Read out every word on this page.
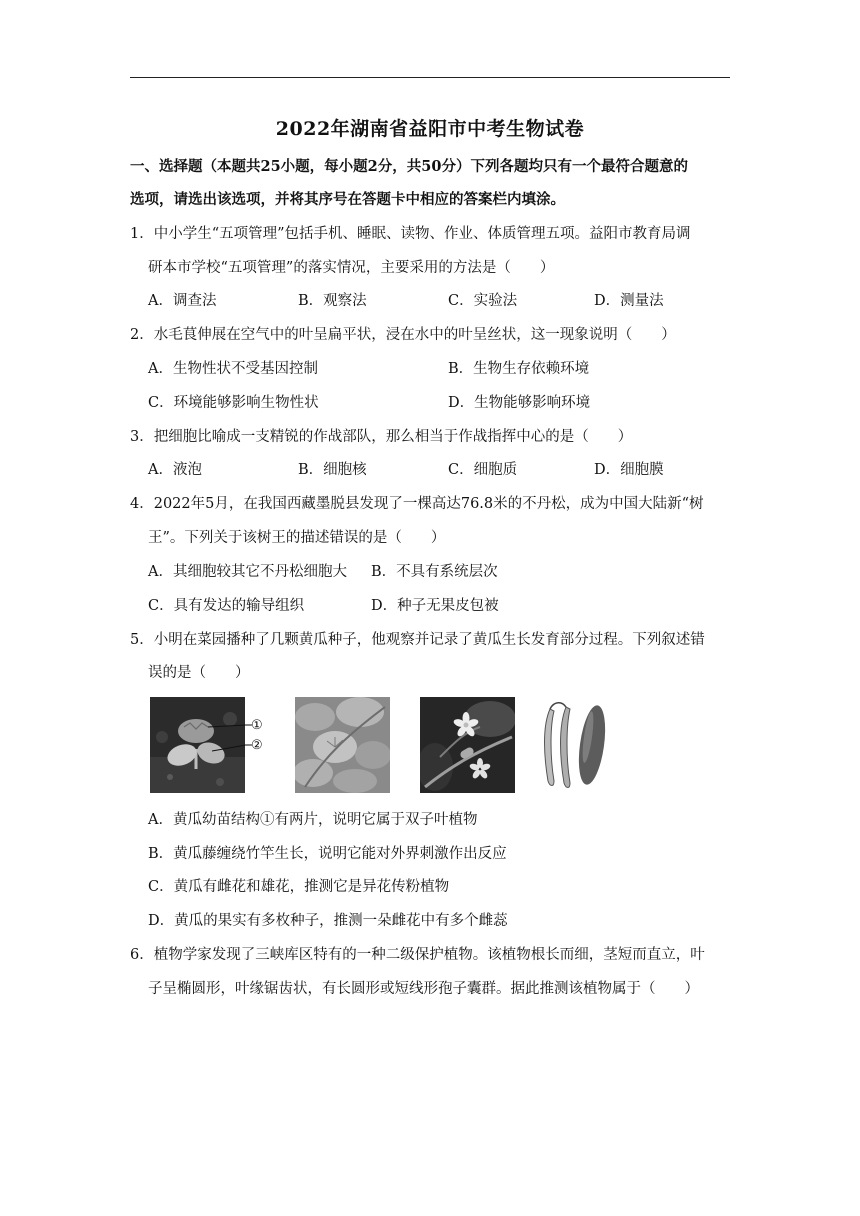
2022年湖南省益阳市中考生物试卷
一、选择题（本题共25小题，每小题2分，共50分）下列各题均只有一个最符合题意的
选项，请选出该选项，并将其序号在答题卡中相应的答案栏内填涂。
1．中小学生“五项管理”包括手机、睡眠、读物、作业、体质管理五项。益阳市教育局调
研本市学校“五项管理”的落实情况，主要采用的方法是（　　）
A．调查法	B．观察法	C．实验法	D．测量法
2．水毛茛伸展在空气中的叶呈扁平状，浸在水中的叶呈丝状，这一现象说明（　　）
A．生物性状不受基因控制	B．生物生存依赖环境
C．环境能够影响生物性状	D．生物能够影响环境
3．把细胞比喻成一支精锐的作战部队，那么相当于作战指挥中心的是（　　）
A．液泡	B．细胞核	C．细胞质	D．细胞膜
4．2022年5月，在我国西藏墨脱县发现了一棵高达76.8米的不丹松，成为中国大陆新“树
王”。下列关于该树王的描述错误的是（　　）
A．其细胞较其它不丹松细胞大 B．不具有系统层次
C．具有发达的输导组织	D．种子无果皮包被
5．小明在菜园播种了几颗黄瓜种子，他观察并记录了黄瓜生长发育部分过程。下列叙述错
误的是（　　）
①
②
A．黄瓜幼苗结构①有两片，说明它属于双子叶植物
B．黄瓜藤缠绕竹竿生长，说明它能对外界刺激作出反应
C．黄瓜有雌花和雄花，推测它是异花传粉植物
D．黄瓜的果实有多枚种子，推测一朵雌花中有多个雌蕊
6．植物学家发现了三峡库区特有的一种二级保护植物。该植物根长而细，茎短而直立，叶
子呈椭圆形，叶缘锯齿状，有长圆形或短线形孢子囊群。据此推测该植物属于（　　）
